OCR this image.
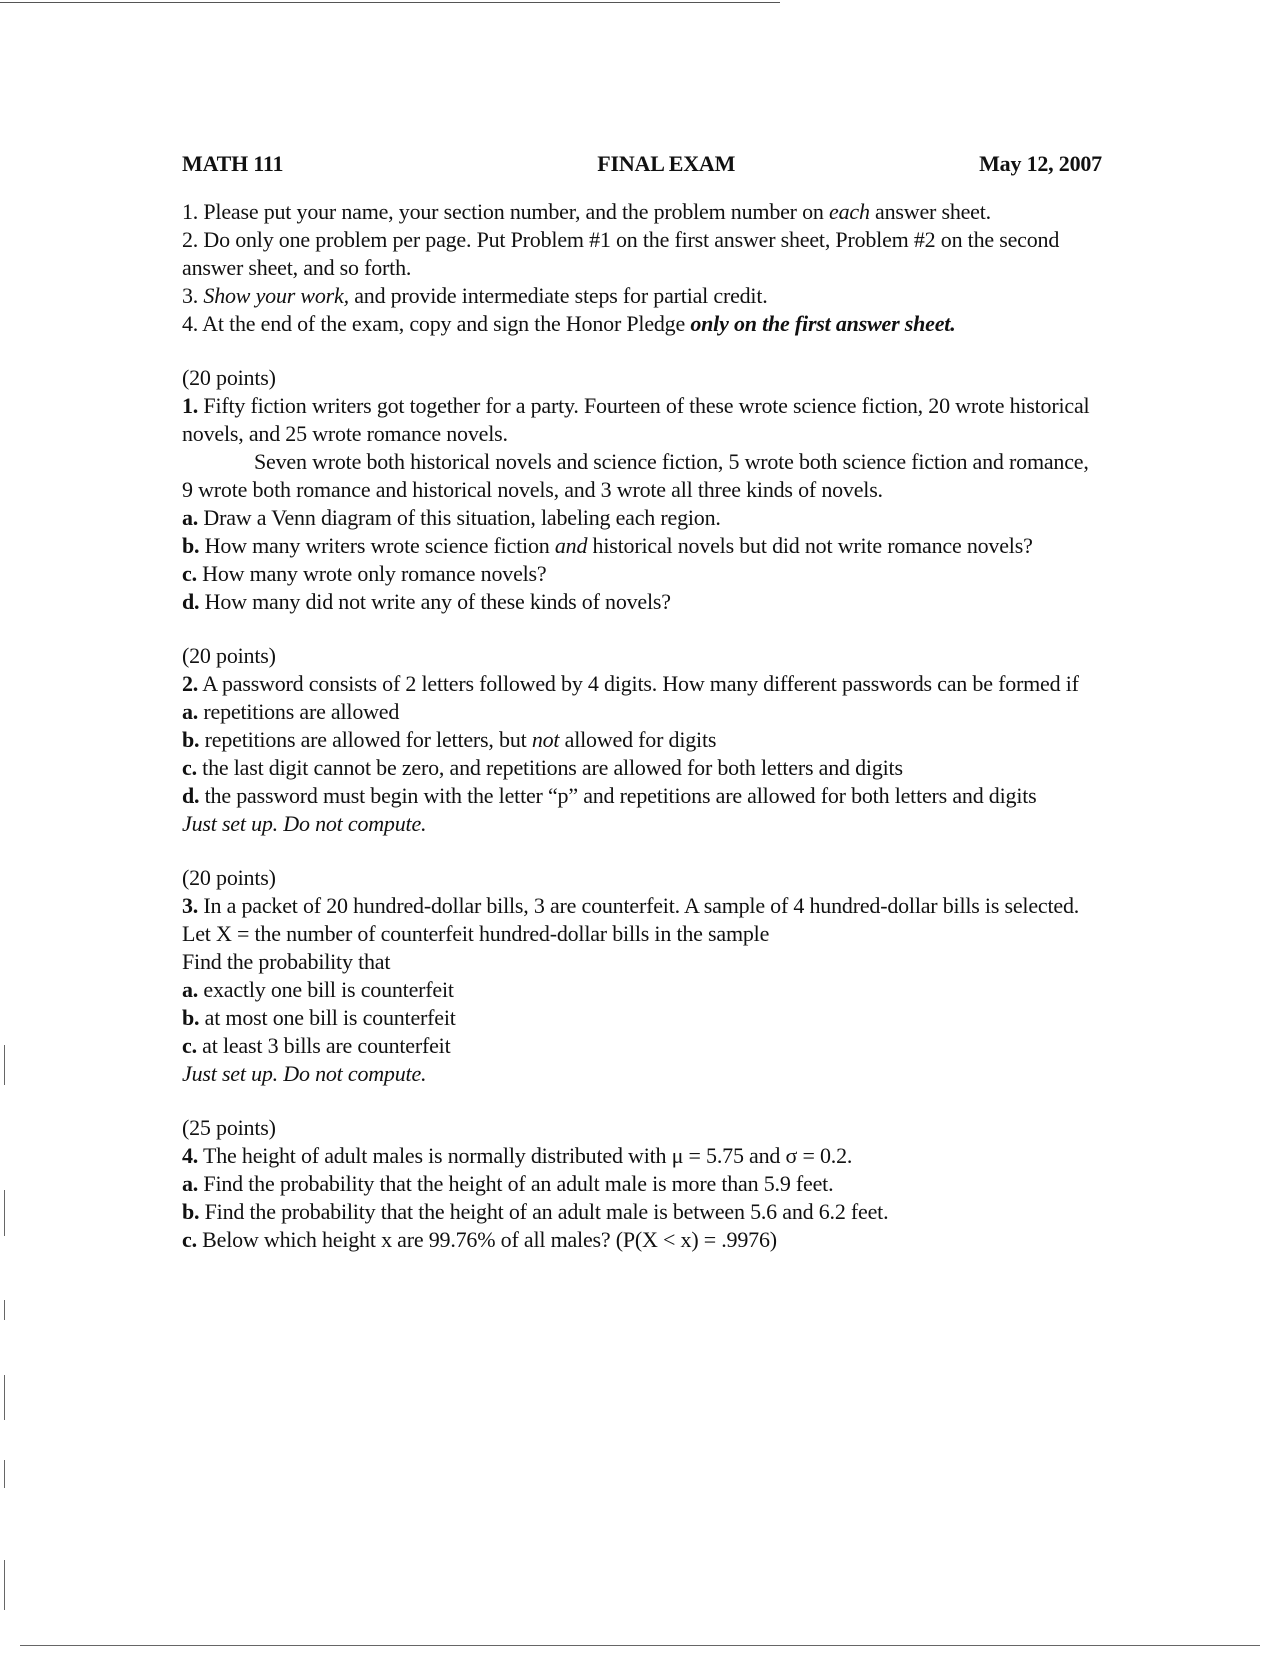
MATH 111	FINAL EXAM	May 12, 2007

1. Please put your name, your section number, and the problem number on each answer sheet.

2. Do only one problem per page. Put Problem #1 on the first answer sheet, Problem #2 on the second answer sheet, and so forth.

3. Show your work, and provide intermediate steps for partial credit.

4. At the end of the exam, copy and sign the Honor Pledge only on the first answer sheet.

(20 points)

1. Fifty fiction writers got together for a party. Fourteen of these wrote science fiction, 20 wrote historical novels, and 25 wrote romance novels.

Seven wrote both historical novels and science fiction, 5 wrote both science fiction and romance, 9 wrote both romance and historical novels, and 3 wrote all three kinds of novels.

a. Draw a Venn diagram of this situation, labeling each region.

b. How many writers wrote science fiction and historical novels but did not write romance novels?

c. How many wrote only romance novels?

d. How many did not write any of these kinds of novels?

(20 points)

2. A password consists of 2 letters followed by 4 digits. How many different passwords can be formed if

a. repetitions are allowed

b. repetitions are allowed for letters, but not allowed for digits

c. the last digit cannot be zero, and repetitions are allowed for both letters and digits

d. the password must begin with the letter “p” and repetitions are allowed for both letters and digits

Just set up. Do not compute.

(20 points)

3. In a packet of 20 hundred-dollar bills, 3 are counterfeit. A sample of 4 hundred-dollar bills is selected. Let X = the number of counterfeit hundred-dollar bills in the sample

Find the probability that

a. exactly one bill is counterfeit

b. at most one bill is counterfeit

c. at least 3 bills are counterfeit

Just set up. Do not compute.

(25 points)

4. The height of adult males is normally distributed with μ = 5.75 and σ = 0.2.

a. Find the probability that the height of an adult male is more than 5.9 feet.

b. Find the probability that the height of an adult male is between 5.6 and 6.2 feet.

c. Below which height x are 99.76% of all males? (P(X < x) = .9976)
